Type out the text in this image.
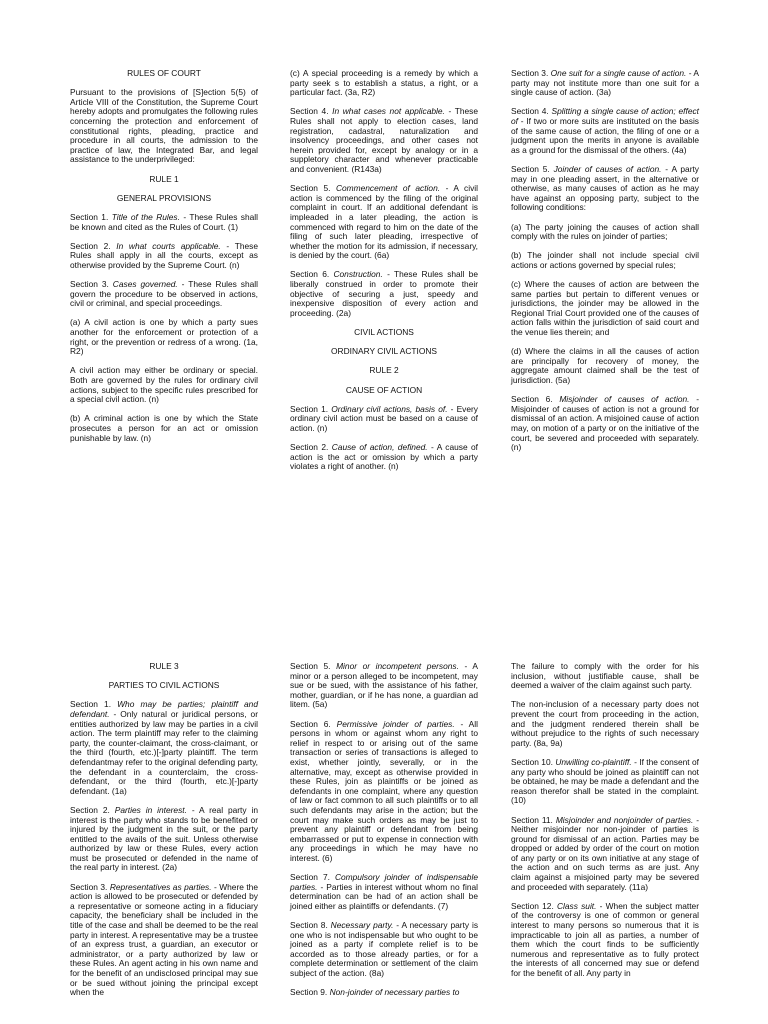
RULES OF COURT

Pursuant to the provisions of [S]ection 5(5) of Article VIII of the Constitution, the Supreme Court hereby adopts and promulgates the following rules concerning the protection and enforcement of constitutional rights, pleading, practice and procedure in all courts, the admission to the practice of law, the Integrated Bar, and legal assistance to the underprivileged:

RULE 1

GENERAL PROVISIONS

Section 1. Title of the Rules. - These Rules shall be known and cited as the Rules of Court. (1)

Section 2. In what courts applicable. - These Rules shall apply in all the courts, except as otherwise provided by the Supreme Court. (n)

Section 3. Cases governed. - These Rules shall govern the procedure to be observed in actions, civil or criminal, and special proceedings.

(a) A civil action is one by which a party sues another for the enforcement or protection of a right, or the prevention or redress of a wrong. (1a, R2)

A civil action may either be ordinary or special. Both are governed by the rules for ordinary civil actions, subject to the specific rules prescribed for a special civil action. (n)

(b) A criminal action is one by which the State prosecutes a person for an act or omission punishable by law. (n)

(c) A special proceeding is a remedy by which a party seek s to establish a status, a right, or a particular fact. (3a, R2)

Section 4. In what cases not applicable. - These Rules shall not apply to election cases, land registration, cadastral, naturalization and insolvency proceedings, and other cases not herein provided for, except by analogy or in a suppletory character and whenever practicable and convenient. (R143a)

Section 5. Commencement of action. - A civil action is commenced by the filing of the original complaint in court. If an additional defendant is impleaded in a later pleading, the action is commenced with regard to him on the date of the filing of such later pleading, irrespective of whether the motion for its admission, if necessary, is denied by the court. (6a)

Section 6. Construction. - These Rules shall be liberally construed in order to promote their objective of securing a just, speedy and inexpensive disposition of every action and proceeding. (2a)

CIVIL ACTIONS

ORDINARY CIVIL ACTIONS

RULE 2

CAUSE OF ACTION

Section 1. Ordinary civil actions, basis of. - Every ordinary civil action must be based on a cause of action. (n)

Section 2. Cause of action, defined. - A cause of action is the act or omission by which a party violates a right of another. (n)

Section 3. One suit for a single cause of action. - A party may not institute more than one suit for a single cause of action. (3a)

Section 4. Splitting a single cause of action; effect of - If two or more suits are instituted on the basis of the same cause of action, the filing of one or a judgment upon the merits in anyone is available as a ground for the dismissal of the others. (4a)

Section 5. Joinder of causes of action. - A party may in one pleading assert, in the alternative or otherwise, as many causes of action as he may have against an opposing party, subject to the following conditions:

(a) The party joining the causes of action shall comply with the rules on joinder of parties;

(b) The joinder shall not include special civil actions or actions governed by special rules;

(c) Where the causes of action are between the same parties but pertain to different venues or jurisdictions, the joinder may be allowed in the Regional Trial Court provided one of the causes of action falls within the jurisdiction of said court and the venue lies therein; and

(d) Where the claims in all the causes of action are principally for recovery of money, the aggregate amount claimed shall be the test of jurisdiction. (5a)

Section 6. Misjoinder of causes of action. - Misjoinder of causes of action is not a ground for dismissal of an action. A misjoined cause of action may, on motion of a party or on the initiative of the court, be severed and proceeded with separately. (n)

RULE 3

PARTIES TO CIVIL ACTIONS

Section 1. Who may be parties; plaintiff and defendant. - Only natural or juridical persons, or entities authorized by law may be parties in a civil action. The term plaintiff may refer to the claiming party, the counter-claimant, the cross-claimant, or the third (fourth, etc.)[-]party plaintiff. The term defendantmay refer to the original defending party, the defendant in a counterclaim, the cross-defendant, or the third (fourth, etc.)[-]party defendant. (1a)

Section 2. Parties in interest. - A real party in interest is the party who stands to be benefited or injured by the judgment in the suit, or the party entitled to the avails of the suit. Unless otherwise authorized by law or these Rules, every action must be prosecuted or defended in the name of the real party in interest. (2a)

Section 3. Representatives as parties. - Where the action is allowed to be prosecuted or defended by a representative or someone acting in a fiduciary capacity, the beneficiary shall be included in the title of the case and shall be deemed to be the real party in interest. A representative may be a trustee of an express trust, a guardian, an executor or administrator, or a party authorized by law or these Rules. An agent acting in his own name and for the benefit of an undisclosed principal may sue or be sued without joining the principal except when the

Section 5. Minor or incompetent persons. - A minor or a person alleged to be incompetent, may sue or be sued, with the assistance of his father, mother, guardian, or if he has none, a guardian ad litem. (5a)

Section 6. Permissive joinder of parties. - All persons in whom or against whom any right to relief in respect to or arising out of the same transaction or series of transactions is alleged to exist, whether jointly, severally, or in the alternative, may, except as otherwise provided in these Rules, join as plaintiffs or be joined as defendants in one complaint, where any question of law or fact common to all such plaintiffs or to all such defendants may arise in the action; but the court may make such orders as may be just to prevent any plaintiff or defendant from being embarrassed or put to expense in connection with any proceedings in which he may have no interest. (6)

Section 7. Compulsory joinder of indispensable parties. - Parties in interest without whom no final determination can be had of an action shall be joined either as plaintiffs or defendants. (7)

Section 8. Necessary party. - A necessary party is one who is not indispensable but who ought to be joined as a party if complete relief is to be accorded as to those already parties, or for a complete determination or settlement of the claim subject of the action. (8a)

Section 9. Non-joinder of necessary parties to

The failure to comply with the order for his inclusion, without justifiable cause, shall be deemed a waiver of the claim against such party.

The non-inclusion of a necessary party does not prevent the court from proceeding in the action, and the judgment rendered therein shall be without prejudice to the rights of such necessary party. (8a, 9a)

Section 10. Unwilling co-plaintiff. - If the consent of any party who should be joined as plaintiff can not be obtained, he may be made a defendant and the reason therefor shall be stated in the complaint. (10)

Section 11. Misjoinder and nonjoinder of parties. - Neither misjoinder nor non-joinder of parties is ground for dismissal of an action. Parties may be dropped or added by order of the court on motion of any party or on its own initiative at any stage of the action and on such terms as are just. Any claim against a misjoined party may be severed and proceeded with separately. (11a)

Section 12. Class suit. - When the subject matter of the controversy is one of common or general interest to many persons so numerous that it is impracticable to join all as parties, a number of them which the court finds to be sufficiently numerous and representative as to fully protect the interests of all concerned may sue or defend for the benefit of all. Any party in
